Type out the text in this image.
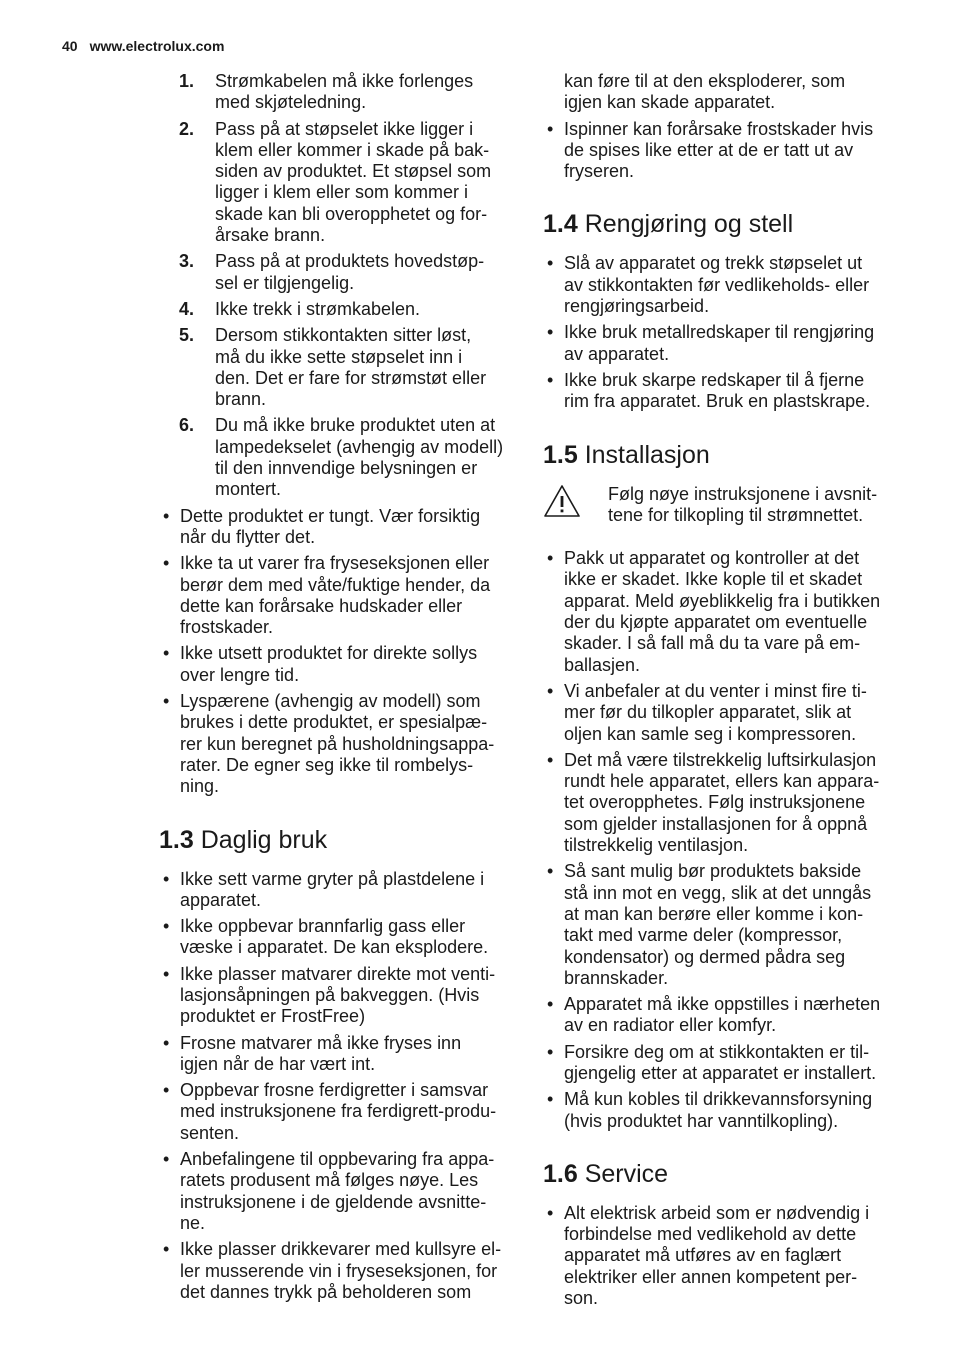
40 www.electrolux.com
1. Strømkabelen må ikke forlenges
med skjøteledning.
2. Pass på at støpselet ikke ligger i
klem eller kommer i skade på bak-
siden av produktet. Et støpsel som
ligger i klem eller som kommer i
skade kan bli overopphetet og for-
årsake brann.
3. Pass på at produktets hovedstøp-
sel er tilgjengelig.
4. Ikke trekk i strømkabelen.
5. Dersom stikkontakten sitter løst,
må du ikke sette støpselet inn i
den. Det er fare for strømstøt eller
brann.
6. Du må ikke bruke produktet uten at
lampedekselet (avhengig av modell)
til den innvendige belysningen er
montert.
• Dette produktet er tungt. Vær forsiktig
når du flytter det.
• Ikke ta ut varer fra fryseseksjonen eller
berør dem med våte/fuktige hender, da
dette kan forårsake hudskader eller
frostskader.
• Ikke utsett produktet for direkte sollys
over lengre tid.
• Lyspærene (avhengig av modell) som
brukes i dette produktet, er spesialpæ-
rer kun beregnet på husholdningsappa-
rater. De egner seg ikke til rombelys-
ning.
1.3 Daglig bruk
• Ikke sett varme gryter på plastdelene i
apparatet.
• Ikke oppbevar brannfarlig gass eller
væske i apparatet. De kan eksplodere.
• Ikke plasser matvarer direkte mot venti-
lasjonsåpningen på bakveggen. (Hvis
produktet er FrostFree)
• Frosne matvarer må ikke fryses inn
igjen når de har vært int.
• Oppbevar frosne ferdigretter i samsvar
med instruksjonene fra ferdigrett-produ-
senten.
• Anbefalingene til oppbevaring fra appa-
ratets produsent må følges nøye. Les
instruksjonene i de gjeldende avsnitte-
ne.
• Ikke plasser drikkevarer med kullsyre el-
ler musserende vin i fryseseksjonen, for
det dannes trykk på beholderen som
kan føre til at den eksploderer, som
igjen kan skade apparatet.
• Ispinner kan forårsake frostskader hvis
de spises like etter at de er tatt ut av
fryseren.
1.4 Rengjøring og stell
• Slå av apparatet og trekk støpselet ut
av stikkontakten før vedlikeholds- eller
rengjøringsarbeid.
• Ikke bruk metallredskaper til rengjøring
av apparatet.
• Ikke bruk skarpe redskaper til å fjerne
rim fra apparatet. Bruk en plastskrape.
1.5 Installasjon
Følg nøye instruksjonene i avsnit-
tene for tilkopling til strømnettet.
• Pakk ut apparatet og kontroller at det
ikke er skadet. Ikke kople til et skadet
apparat. Meld øyeblikkelig fra i butikken
der du kjøpte apparatet om eventuelle
skader. I så fall må du ta vare på em-
ballasjen.
• Vi anbefaler at du venter i minst fire ti-
mer før du tilkopler apparatet, slik at
oljen kan samle seg i kompressoren.
• Det må være tilstrekkelig luftsirkulasjon
rundt hele apparatet, ellers kan appara-
tet overopphetes. Følg instruksjonene
som gjelder installasjonen for å oppnå
tilstrekkelig ventilasjon.
• Så sant mulig bør produktets bakside
stå inn mot en vegg, slik at det unngås
at man kan berøre eller komme i kon-
takt med varme deler (kompressor,
kondensator) og dermed pådra seg
brannskader.
• Apparatet må ikke oppstilles i nærheten
av en radiator eller komfyr.
• Forsikre deg om at stikkontakten er til-
gjengelig etter at apparatet er installert.
• Må kun kobles til drikkevannsforsyning
(hvis produktet har vanntilkopling).
1.6 Service
• Alt elektrisk arbeid som er nødvendig i
forbindelse med vedlikehold av dette
apparatet må utføres av en faglært
elektriker eller annen kompetent per-
son.
